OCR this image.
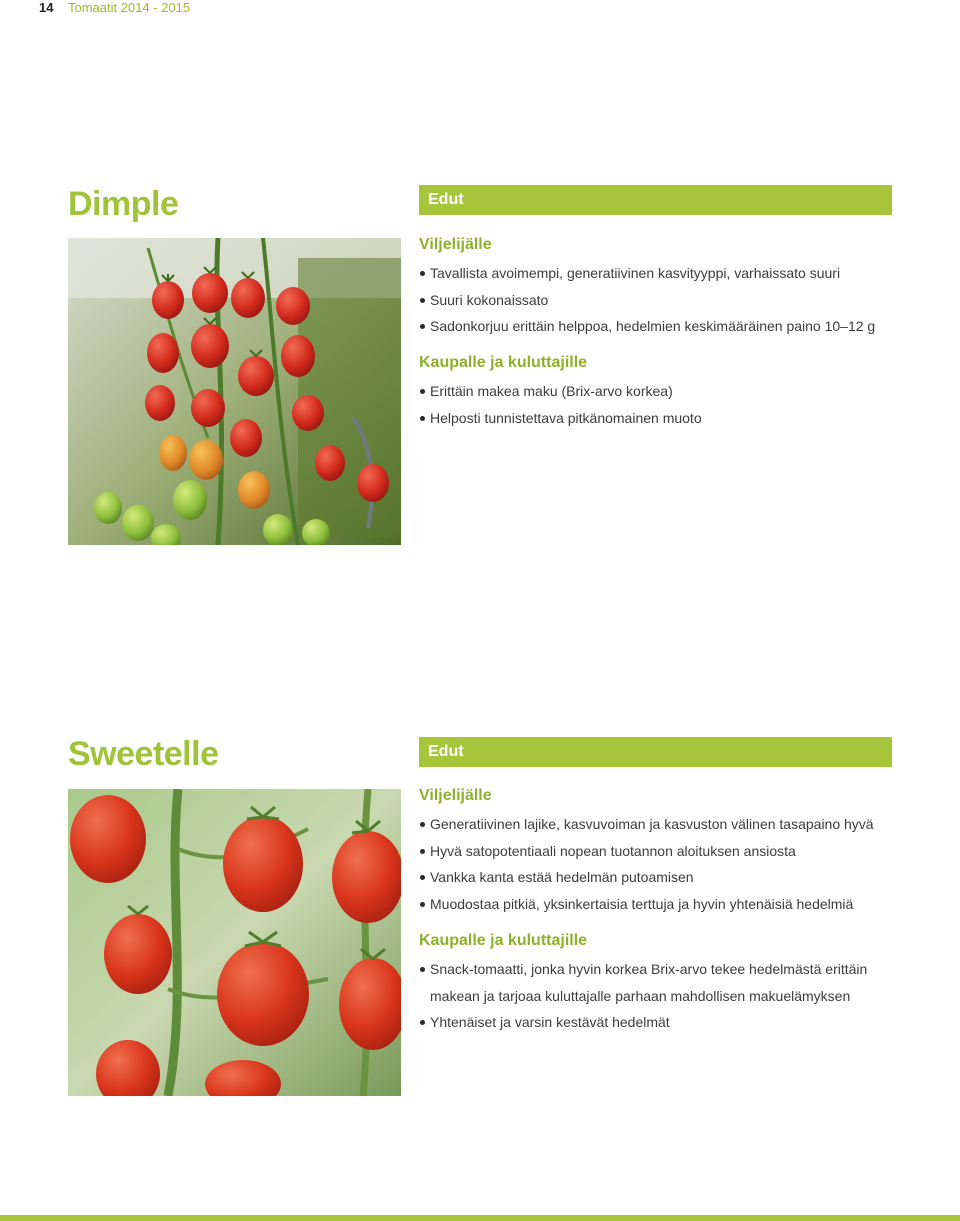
14 Tomaatit 2014 - 2015
Dimple	Edut
Viljelijälle
Tavallista avoimempi, generatiivinen kasvityyppi, varhaissato suuri
Suuri kokonaissato
Sadonkorjuu erittäin helppoa, hedelmien keskimääräinen paino 10–12 g
Kaupalle ja kuluttajille
Erittäin makea maku (Brix-arvo korkea)
Helposti tunnistettava pitkänomainen muoto
Sweetelle	Edut
Viljelijälle
Generatiivinen lajike, kasvuvoiman ja kasvuston välinen tasapaino hyvä
Hyvä satopotentiaali nopean tuotannon aloituksen ansiosta
Vankka kanta estää hedelmän putoamisen
Muodostaa pitkiä, yksinkertaisia terttuja ja hyvin yhtenäisiä hedelmiä
Kaupalle ja kuluttajille
Snack-tomaatti, jonka hyvin korkea Brix-arvo tekee hedelmästä erittäin makean ja tarjoaa kuluttajalle parhaan mahdollisen makuelämyksen
Yhtenäiset ja varsin kestävät hedelmät
